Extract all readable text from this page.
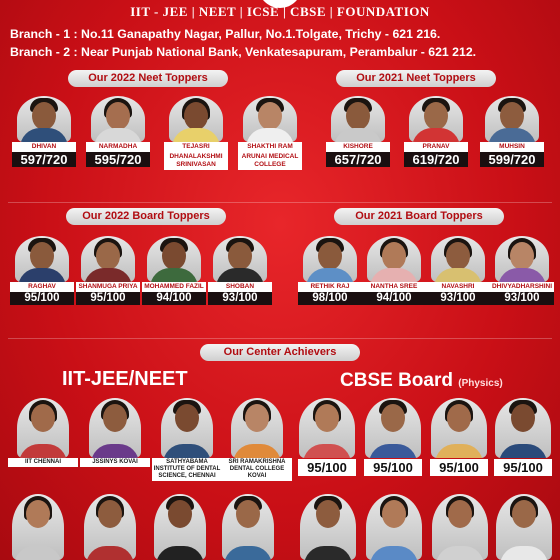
IIT - JEE | NEET | ICSE | CBSE | FOUNDATION
Branch - 1 : No.11 Ganapathy Nagar, Pallur, No.1.Tolgate, Trichy - 621 216.
Branch - 2 : Near Punjab National Bank, Venkatesapuram, Perambalur - 621 212.
Our 2022 Neet Toppers	Our 2021 Neet Toppers
DHIVAN
597/720
NARMADHA
595/720
TEJASRI
DHANALAKSHMI SRINIVASAN
SHAKTHI RAM
ARUNAI MEDICAL COLLEGE
KISHORE
657/720
PRANAV
619/720
MUHSIN
599/720
Our 2022 Board Toppers	Our 2021 Board Toppers
RAGHAV
95/100
SHANMUGA PRIYA
95/100
MOHAMMED FAZIL
94/100
SHOBAN
93/100
RETHIK RAJ
98/100
NANTHA SREE
94/100
NAVASHRI
93/100
DHIVYADHARSHINI
93/100
Our Center Achievers
IIT-JEE/NEET	CBSE Board (Physics)
IIT CHENNAI	JSSINYS KOVAI	SATHYABAMA INSTITUTE OF DENTAL SCIENCE, CHENNAI
SRI RAMAKRISHNA DENTAL COLLEGE KOVAI
95/100	95/100	95/100	95/100
